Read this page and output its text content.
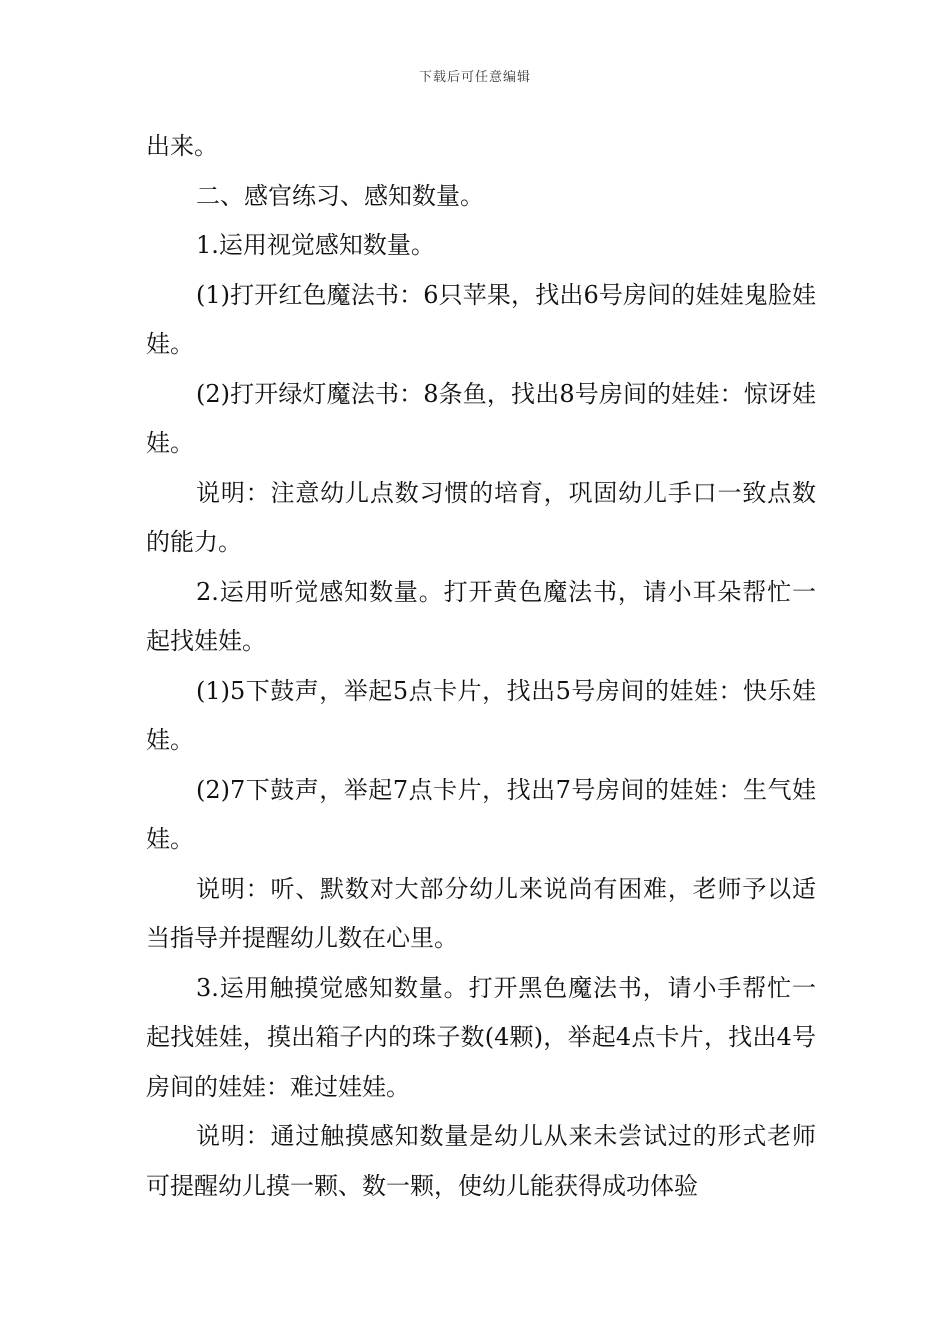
下载后可任意编辑

出来。

二、感官练习、感知数量。

1.运用视觉感知数量。

(1)打开红色魔法书：6只苹果，找出6号房间的娃娃鬼脸娃娃。

(2)打开绿灯魔法书：8条鱼，找出8号房间的娃娃：惊讶娃娃。

说明：注意幼儿点数习惯的培育，巩固幼儿手口一致点数的能力。

2.运用听觉感知数量。打开黄色魔法书，请小耳朵帮忙一起找娃娃。

(1)5下鼓声，举起5点卡片，找出5号房间的娃娃：快乐娃娃。

(2)7下鼓声，举起7点卡片，找出7号房间的娃娃：生气娃娃。

说明：听、默数对大部分幼儿来说尚有困难，老师予以适当指导并提醒幼儿数在心里。

3.运用触摸觉感知数量。打开黑色魔法书，请小手帮忙一起找娃娃，摸出箱子内的珠子数(4颗)，举起4点卡片，找出4号房间的娃娃：难过娃娃。

说明：通过触摸感知数量是幼儿从来未尝试过的形式老师可提醒幼儿摸一颗、数一颗，使幼儿能获得成功体验
